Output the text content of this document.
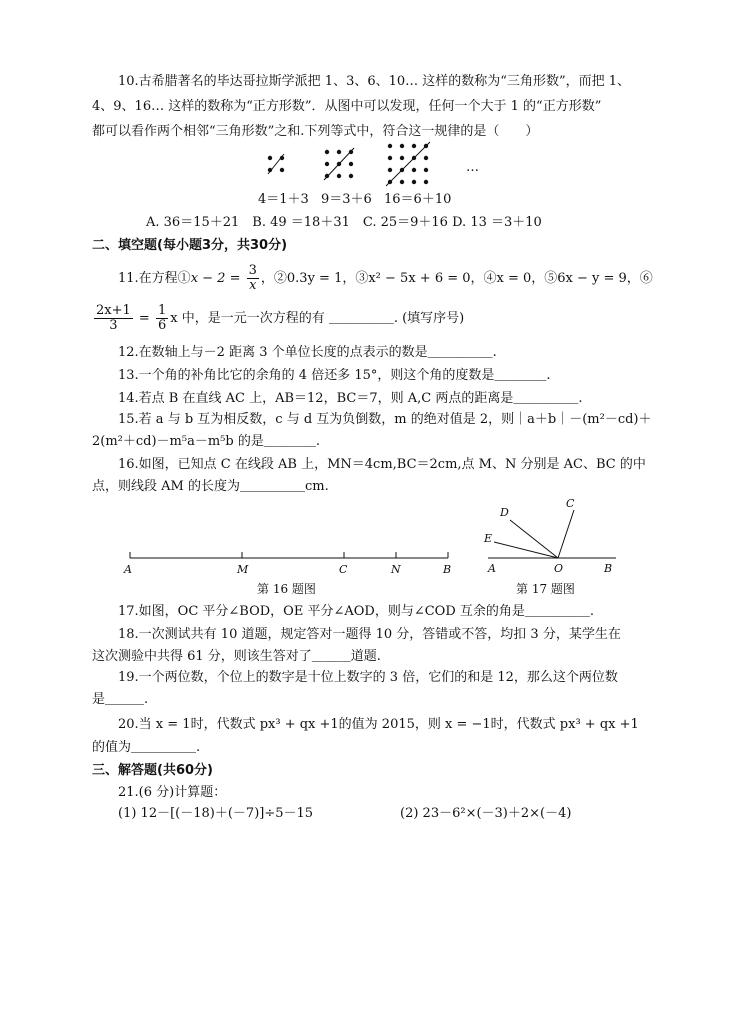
10.古希腊著名的毕达哥拉斯学派把 1、3、6、10… 这样的数称为“三角形数”，而把 1、
4、9、16… 这样的数称为“正方形数”．从图中可以发现，任何一个大于 1 的“正方形数”
都可以看作两个相邻“三角形数”之和.下列等式中，符合这一规律的是（　　）
…
4＝1＋3 9＝3＋6 16＝6＋10
A. 36＝15＋21　B. 49 ＝18＋31　C. 25＝9＋16 D. 13 ＝3＋10
二、填空题(每小题3分，共30分)
11.在方程①x − $2 = \frac{3}{x}$ ，②0.3y = 1，③x² − 5x + 6 = 0，④x = 0，⑤6x − y = 9，⑥
$\frac{2x+1}{3} = \frac{1}{6}$ x 中，是一元一次方程的有 ＿＿＿＿＿. (填写序号)
12.在数轴上与－2 距离 3 个单位长度的点表示的数是＿＿＿＿＿.
13.一个角的补角比它的余角的 4 倍还多 15°，则这个角的度数是＿＿＿＿.
14.若点 B 在直线 AC 上，AB＝12，BC＝7，则 A,C 两点的距离是＿＿＿＿＿.
15.若 a 与 b 互为相反数，c 与 d 互为负倒数，m 的绝对值是 2，则｜a＋b｜－(m²－cd)＋
2(m²＋cd)－m⁵a－m⁵b 的是＿＿＿＿.
16.如图，已知点 C 在线段 AB 上，MN＝4cm,BC＝2cm,点 M、N 分别是 AC、BC 的中
点，则线段 AM 的长度为＿＿＿＿＿cm.
A	M	C	N	B
第 16 题图
D
C
E
A	O	B
第 17 题图
17.如图，OC 平分∠BOD，OE 平分∠AOD，则与∠COD 互余的角是＿＿＿＿＿.
18.一次测试共有 10 道题，规定答对一题得 10 分，答错或不答，均扣 3 分，某学生在
这次测验中共得 61 分，则该生答对了＿＿＿道题.
19.一个两位数，个位上的数字是十位上数字的 3 倍，它们的和是 12，那么这个两位数
是＿＿＿.
20.当 x = 1时，代数式 px³ + qx +1的值为 2015，则 x = −1时，代数式 px³ + qx +1
的值为＿＿＿＿＿.
三、解答题(共60分)
21.(6 分)计算题：
(1) 12－[(－18)＋(－7)]÷5－15	(2) 23－6²×(－3)＋2×(－4)
